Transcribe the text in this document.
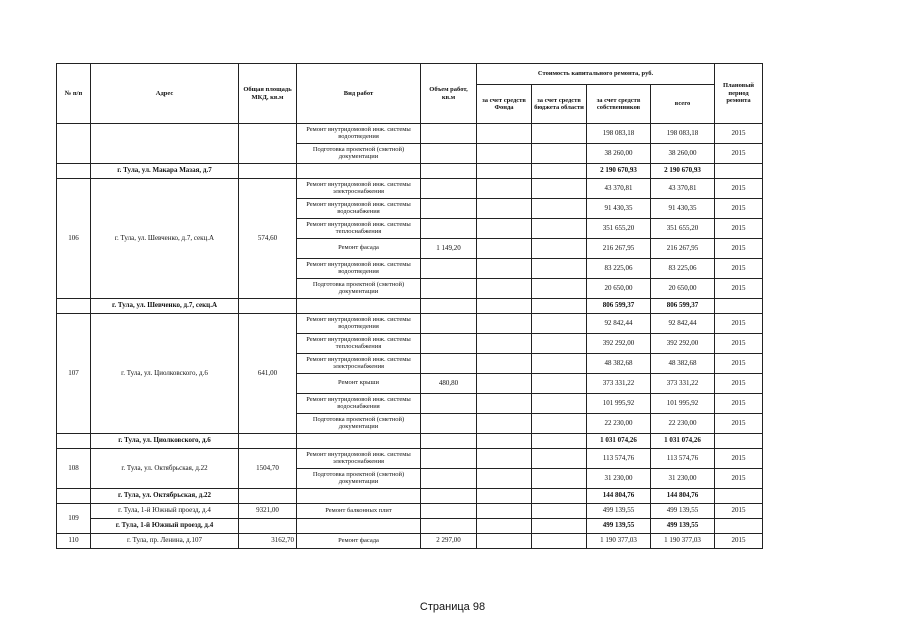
№ п/п	Адрес	Общая площадь МКД, кв.м	Вид работ	Объем работ, кв.м	Стоимость капитального ремонта, руб.				Плановый период ремонта
					за счет средств Фонда	за счет средств бюджета области	за счет средств собственников	всего	
			Ремонт внутридомовой инж. системы водоотведения				198 083,18	198 083,18	2015
			Подготовка проектной (сметной) документации				38 260,00	38 260,00	2015
	г. Тула, ул. Макара Мазая, д.7						2 190 670,93	2 190 670,93	
106	г. Тула, ул. Шевченко, д.7, секц.А	574,60	Ремонт внутридомовой инж. системы электроснабжения				43 370,81	43 370,81	2015
			Ремонт внутридомовой инж. системы водоснабжения				91 430,35	91 430,35	2015
			Ремонт внутридомовой инж. системы теплоснабжения				351 655,20	351 655,20	2015
			Ремонт фасада	1 149,20			216 267,95	216 267,95	2015
			Ремонт внутридомовой инж. системы водоотведения				83 225,06	83 225,06	2015
			Подготовка проектной (сметной) документации				20 650,00	20 650,00	2015
	г. Тула, ул. Шевченко, д.7, секц.А						806 599,37	806 599,37	
107	г. Тула, ул. Циолковского, д.6	641,00	Ремонт внутридомовой инж. системы водоотведения				92 842,44	92 842,44	2015
			Ремонт внутридомовой инж. системы теплоснабжения				392 292,00	392 292,00	2015
			Ремонт внутридомовой инж. системы электроснабжения				48 382,68	48 382,68	2015
			Ремонт крыши	480,80			373 331,22	373 331,22	2015
			Ремонт внутридомовой инж. системы водоснабжения				101 995,92	101 995,92	2015
			Подготовка проектной (сметной) документации				22 230,00	22 230,00	2015
	г. Тула, ул. Циолковского, д.6						1 031 074,26	1 031 074,26	
108	г. Тула, ул. Октябрьская, д.22	1504,70	Ремонт внутридомовой инж. системы электроснабжения				113 574,76	113 574,76	2015
			Подготовка проектной (сметной) документации				31 230,00	31 230,00	2015
	г. Тула, ул. Октябрьская, д.22						144 804,76	144 804,76	
109	г. Тула, 1-й Южный проезд, д.4	9321,00	Ремонт балконных плит				499 139,55	499 139,55	2015
	г. Тула, 1-й Южный проезд, д.4						499 139,55	499 139,55	
110	г. Тула, пр. Ленина, д.107	3162,70	Ремонт фасада	2 297,00			1 190 377,03	1 190 377,03	2015
Страница 98
